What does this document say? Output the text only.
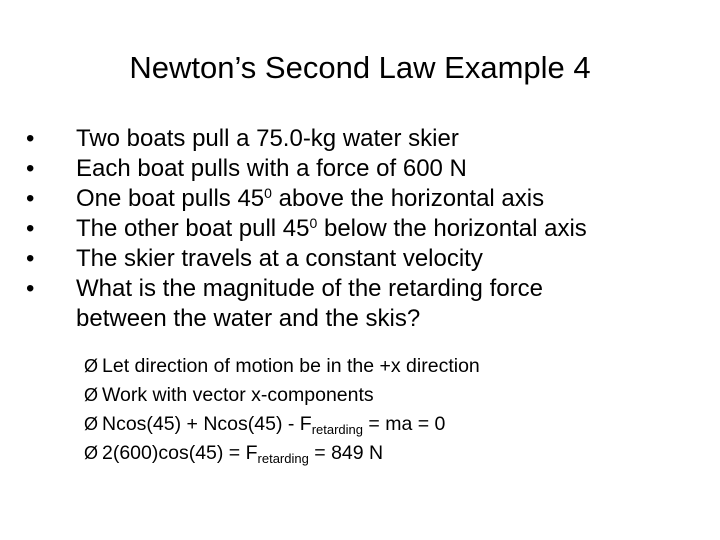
Newton’s Second Law Example 4
•	Two boats pull a 75.0-kg water skier
•	Each boat pulls with a force of 600 N
•	One boat pulls $45^0$ above the horizontal axis
•	The other boat pull $45^0$ below the horizontal axis
•	The skier travels at a constant velocity
•	What is the magnitude of the retarding force
between the water and the skis?
Ø Let direction of motion be in the +x direction
Ø Work with vector x-components
Ø $Ncos(45) + Ncos(45) - F_{retarding}$ = ma = 0
Ø $2(600)\cos(45) = F_{retarding} = 849$ N
